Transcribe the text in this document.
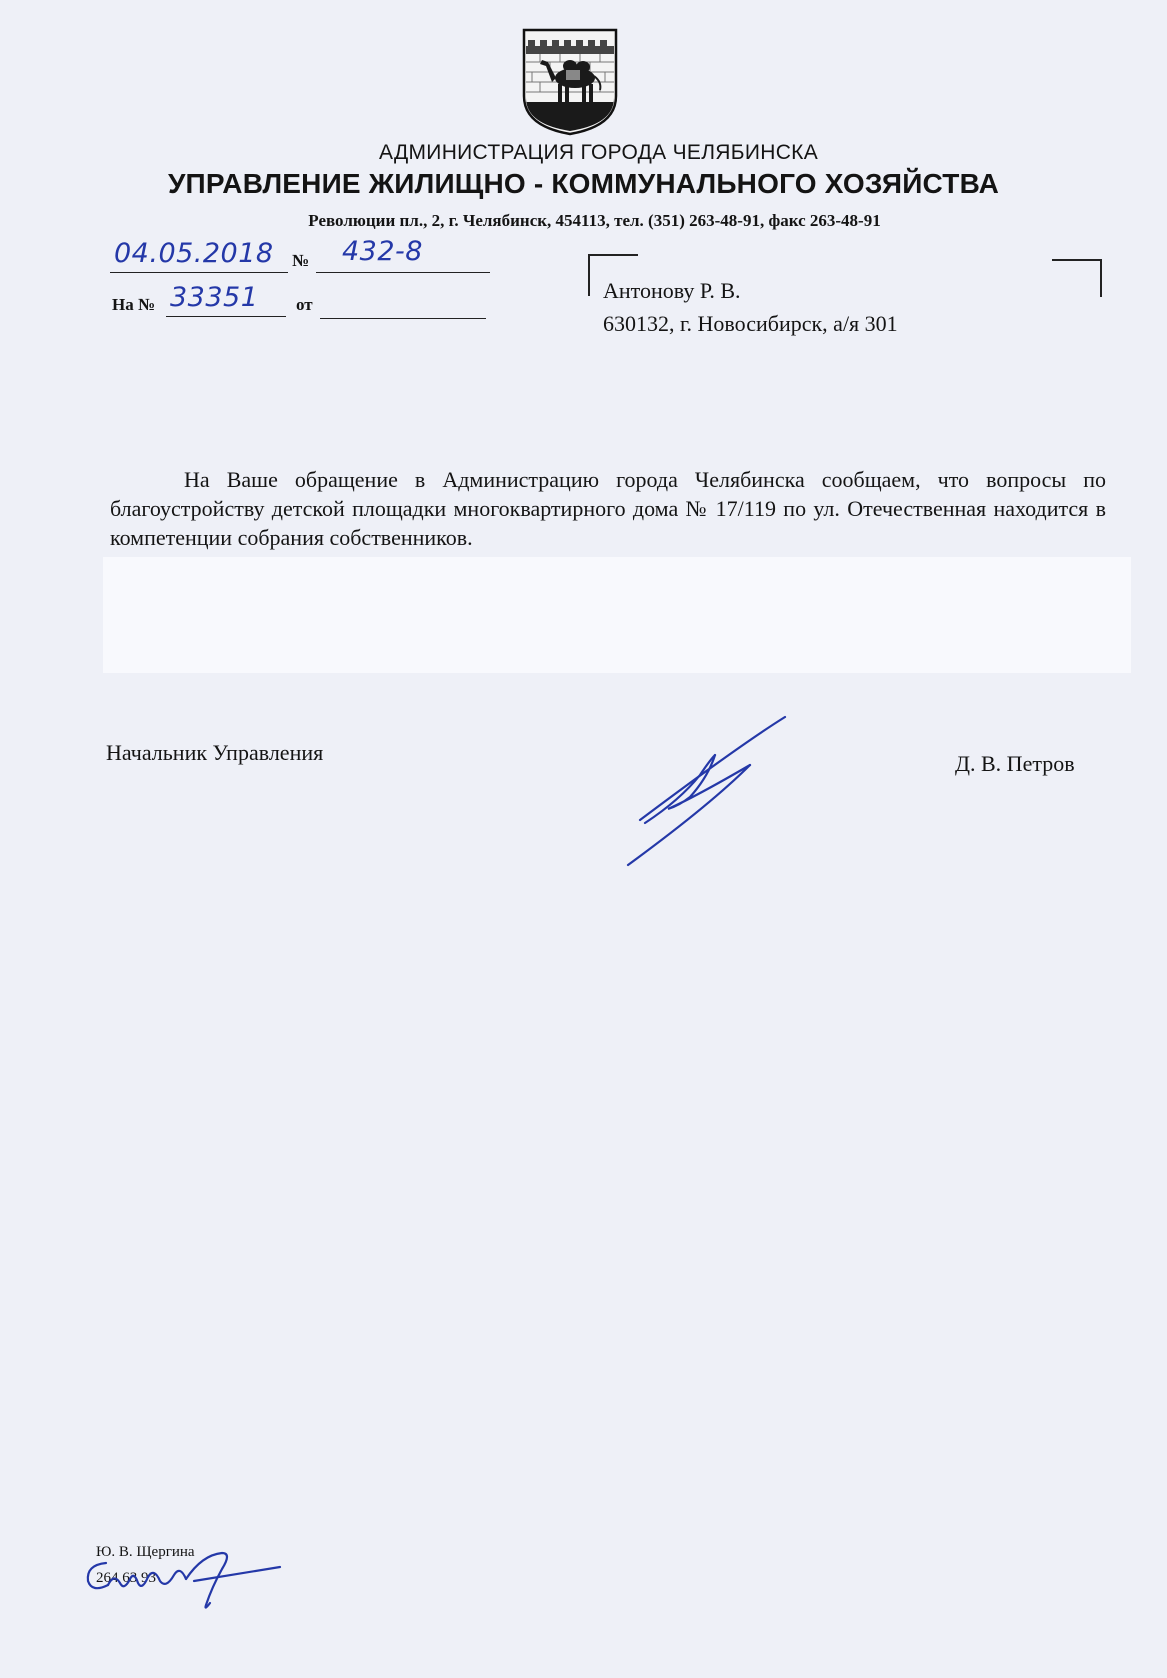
АДМИНИСТРАЦИЯ ГОРОДА ЧЕЛЯБИНСКА
УПРАВЛЕНИЕ ЖИЛИЩНО - КОММУНАЛЬНОГО ХОЗЯЙСТВА
Революции пл., 2, г. Челябинск, 454113, тел. (351) 263-48-91, факс 263-48-91
04.05.2018 № 432-8
На № 33351 от
Антонову Р. В.
630132, г. Новосибирск, а/я 301
На Ваше обращение в Администрацию города Челябинска сообщаем, что вопросы по благоустройству детской площадки многоквартирного дома № 17/119 по ул. Отечественная находится в компетенции собрания собственников.
Начальник Управления	Д. В. Петров
Ю. В. Щергина
264 63 93
